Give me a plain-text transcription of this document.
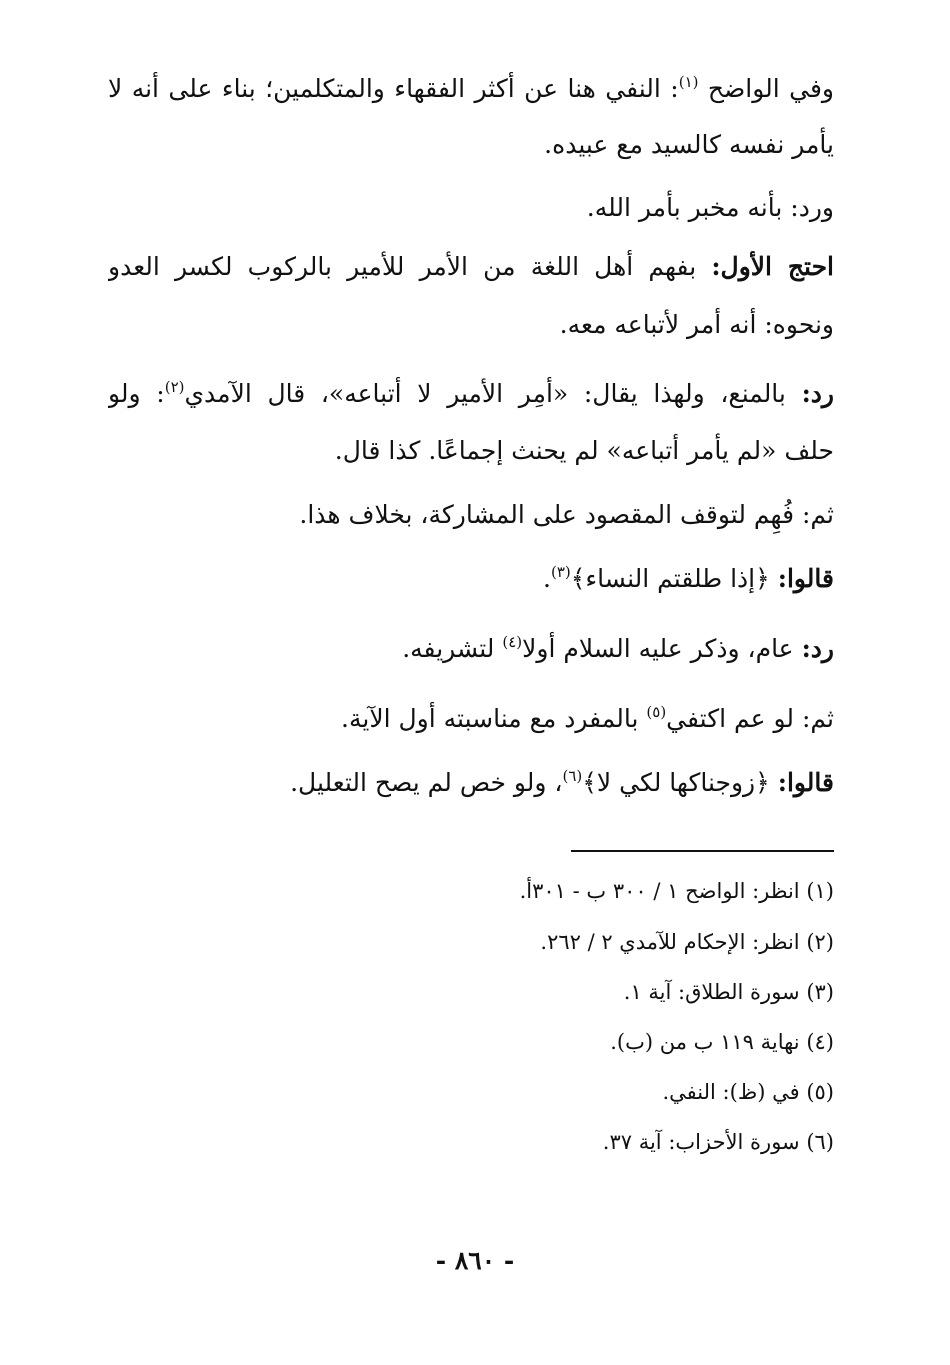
وفي الواضح $^{(١)}$: النفي هنا عن أكثر الفقهاء والمتكلمين؛ بناء على أنه لا
يأمر نفسه كالسيد مع عبيده.
ورد: بأنه مخبر بأمر الله.
احتج الأول: بفهم أهل اللغة من الأمر للأمير بالركوب لكسر العدو
ونحوه: أنه أمر لأتباعه معه.
رد: بالمنع، ولهذا يقال: «أُمِر الأمير لا أتباعه»، قال الآمدي$^{(٢)}$: ولو
حلف «لم يأمر أتباعه» لم يحنث إجماعًا. كذا قال.
ثم: فُهِم لتوقف المقصود على المشاركة، بخلاف هذا.
قالوا: ﴿إذا طلقتم النساء﴾$^{(٣)}$.
رد: عام، وذكر عليه السلام أولا$^{(٤)}$ لتشريفه.
ثم: لو عم اكتفي$^{(٥)}$ بالمفرد مع مناسبته أول الآية.
قالوا: ﴿زوجناكها لكي لا﴾$^{(٦)}$، ولو خص لم يصح التعليل.
(١) انظر: الواضح ١ / ٣٠٠ ب - ٣٠١أ.
(٢) انظر: الإحكام للآمدي ٢ / ٢٦٢.
(٣) سورة الطلاق: آية ١.
(٤) نهاية ١١٩ ب من (ب).
(٥) في (ظ): النفي.
(٦) سورة الأحزاب: آية ٣٧.
- ٨٦٠ -
